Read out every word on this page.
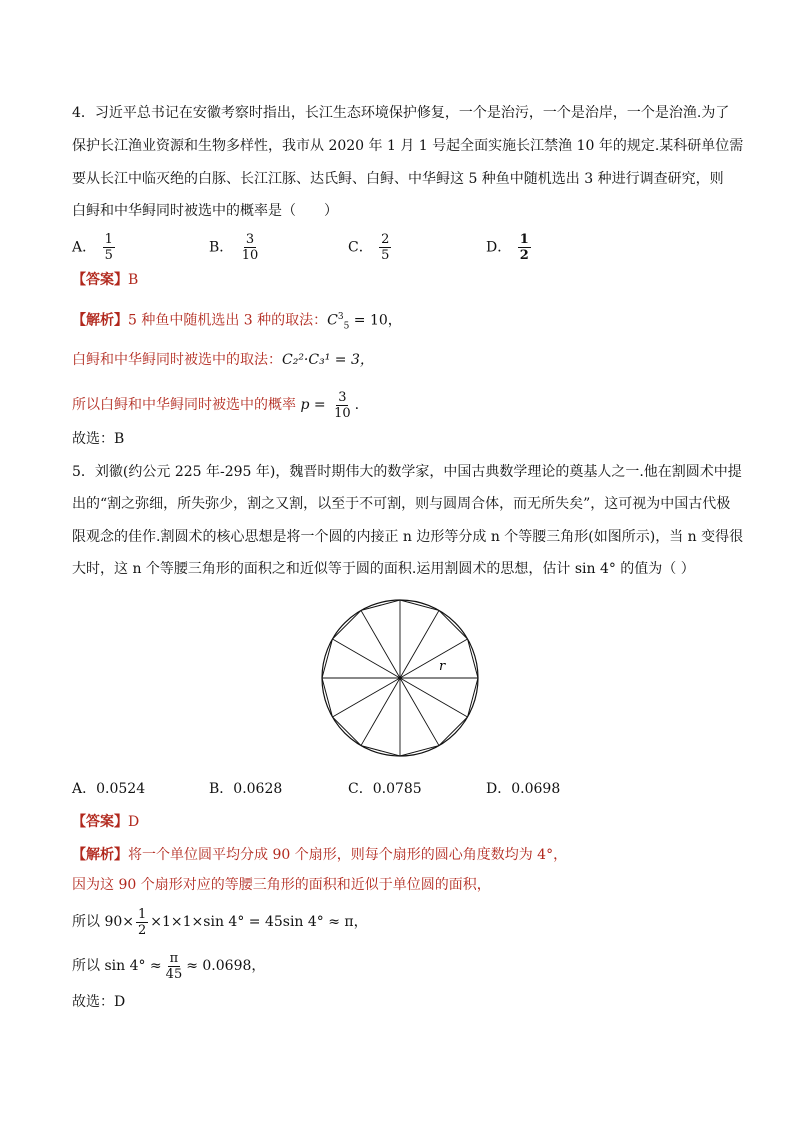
4．习近平总书记在安徽考察时指出，长江生态环境保护修复，一个是治污，一个是治岸，一个是治渔.为了
保护长江渔业资源和生物多样性，我市从 2020 年 1 月 1 号起全面实施长江禁渔 10 年的规定.某科研单位需
要从长江中临灭绝的白豚、长江江豚、达氏鲟、白鲟、中华鲟这 5 种鱼中随机选出 3 种进行调查研究，则
白鲟和中华鲟同时被选中的概率是（　　）
A． $\frac{1}{5}$	B． $\frac{3}{10}$	C． $\frac{2}{5}$	D． $\frac{1}{2}$
【答案】B
【解析】5 种鱼中随机选出 3 种的取法：$C^3_5 = 10$，
白鲟和中华鲟同时被选中的取法：C₂²·C₃¹ = 3，
所以白鲟和中华鲟同时被选中的概率 $p = \frac{3}{10}$ .
故选：B
5．刘徽(约公元 225 年-295 年)，魏晋时期伟大的数学家，中国古典数学理论的奠基人之一.他在割圆术中提
出的“割之弥细，所失弥少，割之又割，以至于不可割，则与圆周合体，而无所失矣”，这可视为中国古代极
限观念的佳作.割圆术的核心思想是将一个圆的内接正 n 边形等分成 n 个等腰三角形(如图所示)，当 n 变得很
大时，这 n 个等腰三角形的面积之和近似等于圆的面积.运用割圆术的思想，估计 sin 4° 的值为（ ）
r
A．0.0524	B．0.0628	C．0.0785	D．0.0698
【答案】D
【解析】将一个单位圆平均分成 90 个扇形，则每个扇形的圆心角度数均为 4°，
因为这 90 个扇形对应的等腰三角形的面积和近似于单位圆的面积，
所以 $90\times \frac{1}{2} \times 1\times 1\times\sin$ 4° = 45sin 4° ≈ π，
所以 $\sin 4^\circ \approx \frac{\pi}{45} \approx 0.0698$，
故选：D
